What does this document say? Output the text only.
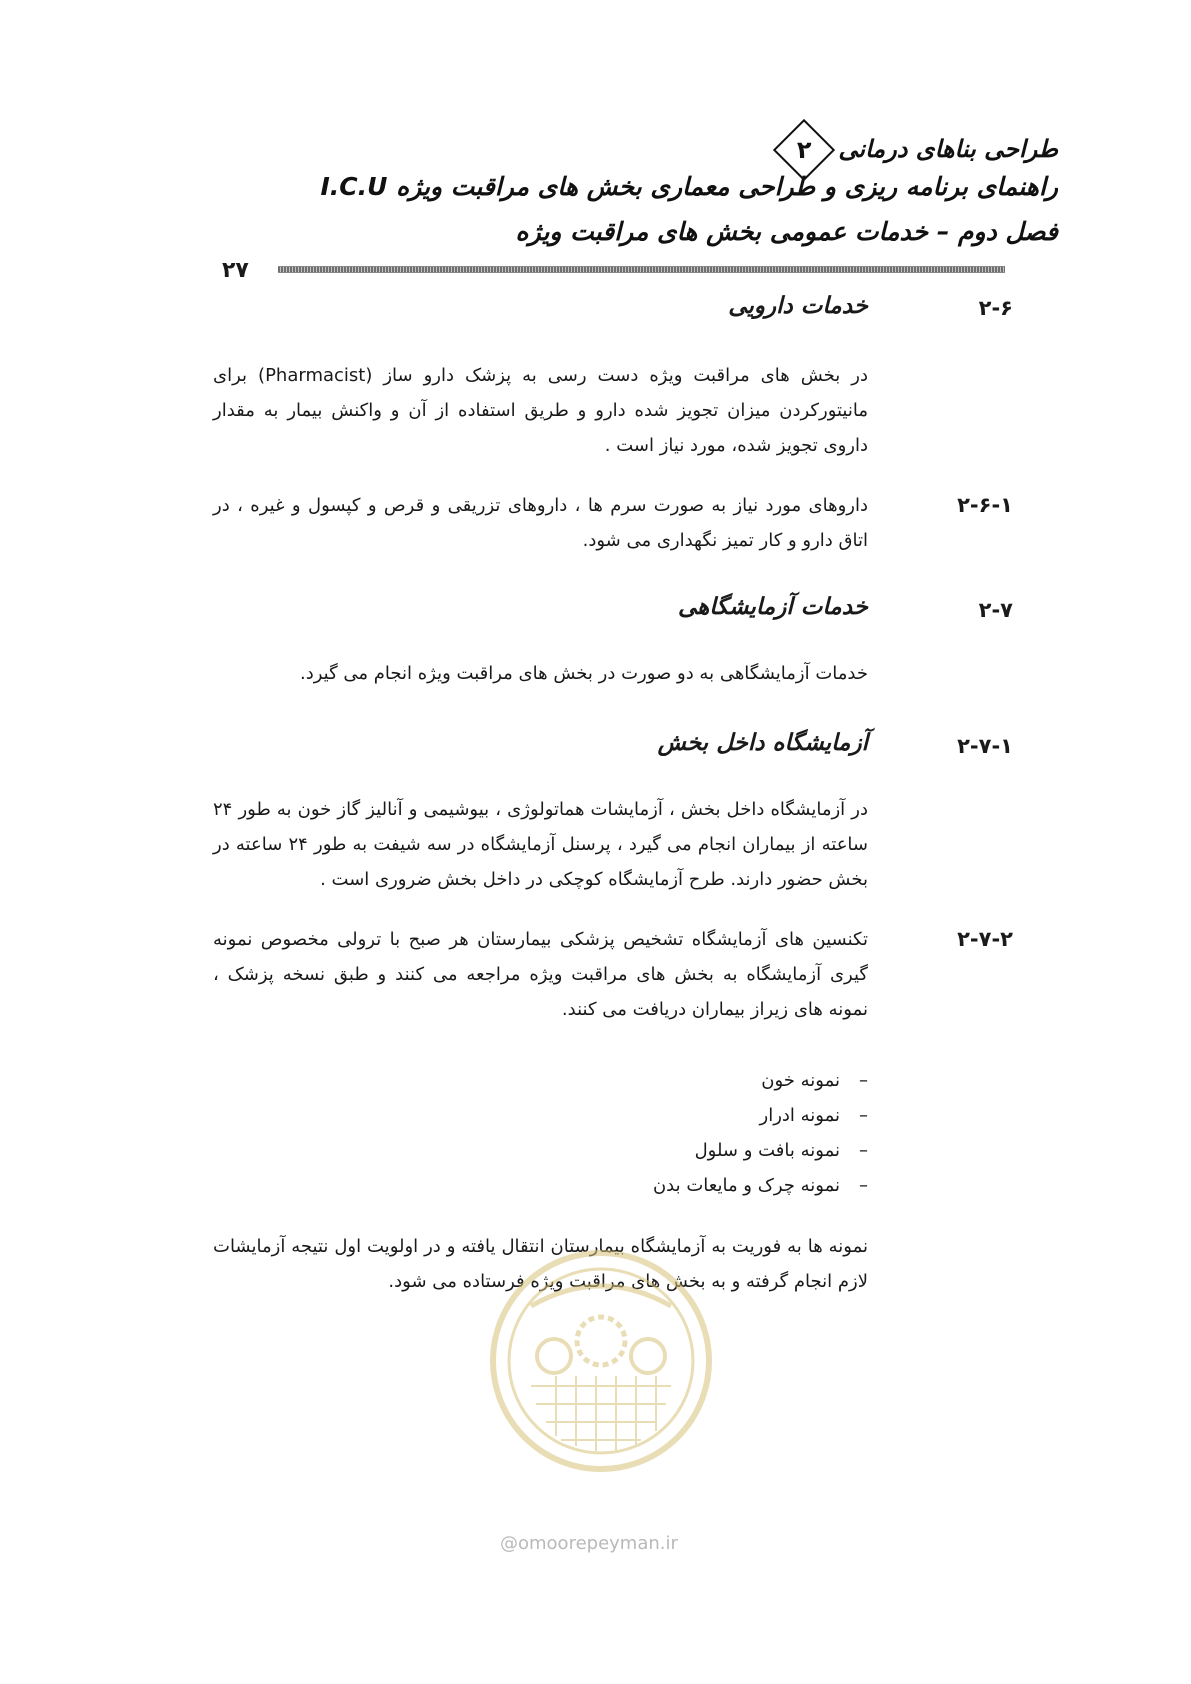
طراحی بناهای درمانی ۲
راهنمای برنامه ریزی و طراحی معماری بخش های مراقبت ویژه I.C.U
فصل دوم – خدمات عمومی بخش های مراقبت ویژه
۲۷
۲-۶
خدمات دارویی

در بخش های مراقبت ویژه دست رسی به پزشک دارو ساز (Pharmacist) برای مانیتورکردن میزان تجویز شده دارو و طریق استفاده از آن و واکنش بیمار به مقدار داروی تجویز شده، مورد نیاز است .

۲-۶-۱

داروهای مورد نیاز به صورت سرم ها ، داروهای تزریقی و قرص و کپسول و غیره ، در اتاق دارو و کار تمیز نگهداری می شود.

۲-۷
خدمات آزمایشگاهی

خدمات آزمایشگاهی به دو صورت در بخش های مراقبت ویژه انجام می گیرد.

۲-۷-۱
آزمایشگاه داخل بخش

در آزمایشگاه داخل بخش ، آزمایشات هماتولوژی ، بیوشیمی و آنالیز گاز خون به طور ۲۴ ساعته از بیماران انجام می گیرد ، پرسنل آزمایشگاه در سه شیفت به طور ۲۴ ساعته در بخش حضور دارند. طرح آزمایشگاه کوچکی در داخل بخش ضروری است .

۲-۷-۲

تکنسین های آزمایشگاه تشخیص پزشکی بیمارستان هر صبح با ترولی مخصوص نمونه گیری آزمایشگاه به بخش های مراقبت ویژه مراجعه می کنند و طبق نسخه پزشک ، نمونه های زیراز بیماران دریافت می کنند.

–
نمونه خون
–
نمونه ادرار
–
نمونه بافت و سلول
–
نمونه چرک و مایعات بدن

نمونه ها به فوریت به آزمایشگاه بیمارستان انتقال یافته و در اولویت اول نتیجه آزمایشات لازم انجام گرفته و به بخش های مراقبت ویژه فرستاده می شود.

@omoorepeyman.ir
